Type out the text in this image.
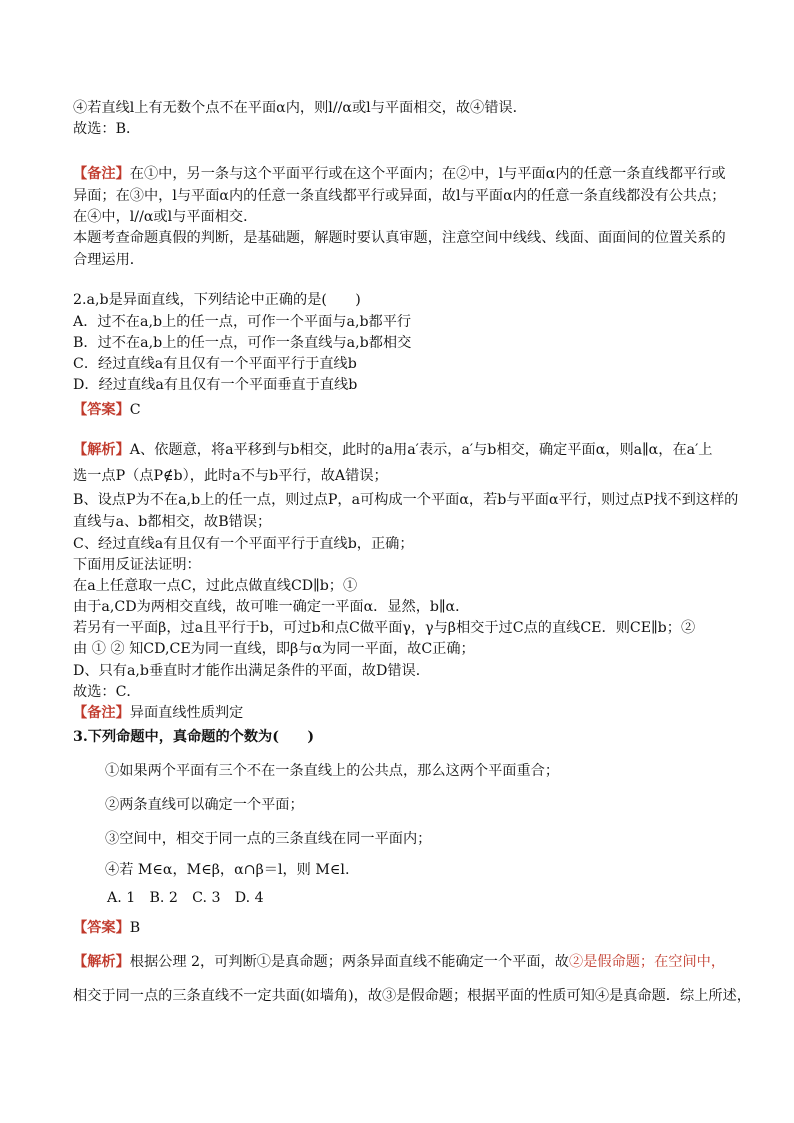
④若直线l上有无数个点不在平面α内，则l//α或l与平面相交，故④错误．
故选：B．
【备注】在①中，另一条与这个平面平行或在这个平面内；在②中，l与平面α内的任意一条直线都平行或
异面；在③中，l与平面α内的任意一条直线都平行或异面，故l与平面α内的任意一条直线都没有公共点；
在④中，l//α或l与平面相交．
本题考查命题真假的判断，是基础题，解题时要认真审题，注意空间中线线、线面、面面间的位置关系的
合理运用．
2.a,b是异面直线，下列结论中正确的是(　　)
A．过不在a,b上的任一点，可作一个平面与a,b都平行
B．过不在a,b上的任一点，可作一条直线与a,b都相交
C．经过直线a有且仅有一个平面平行于直线b
D．经过直线a有且仅有一个平面垂直于直线b
【答案】C
【解析】A、依题意，将a平移到与b相交，此时的a用a′表示，a′与b相交，确定平面α，则a∥α，在a′上
选一点P（点P∉b），此时a不与b平行，故A错误；
B、设点P为不在a,b上的任一点，则过点P，a可构成一个平面α，若b与平面α平行，则过点P找不到这样的
直线与a、b都相交，故B错误；
C、经过直线a有且仅有一个平面平行于直线b，正确；
下面用反证法证明：
在a上任意取一点C，过此点做直线CD∥b；①
由于a,CD为两相交直线，故可唯一确定一平面α．显然，b∥α．
若另有一平面β，过a且平行于b，可过b和点C做平面γ，γ与β相交于过C点的直线CE．则CE∥b；②
由 ① ② 知CD,CE为同一直线，即β与α为同一平面，故C正确；
D、只有a,b垂直时才能作出满足条件的平面，故D错误．
故选：C．
【备注】异面直线性质判定
3.下列命题中，真命题的个数为(　　)
①如果两个平面有三个不在一条直线上的公共点，那么这两个平面重合；
②两条直线可以确定一个平面；
③空间中，相交于同一点的三条直线在同一平面内；
④若 M∈α，M∈β，α∩β＝l，则 M∈l.
A. 1　B. 2　C. 3　D. 4
【答案】B
【解析】根据公理 2，可判断①是真命题；两条异面直线不能确定一个平面，故②是假命题；在空间中，
相交于同一点的三条直线不一定共面(如墙角)，故③是假命题；根据平面的性质可知④是真命题．综上所述，
